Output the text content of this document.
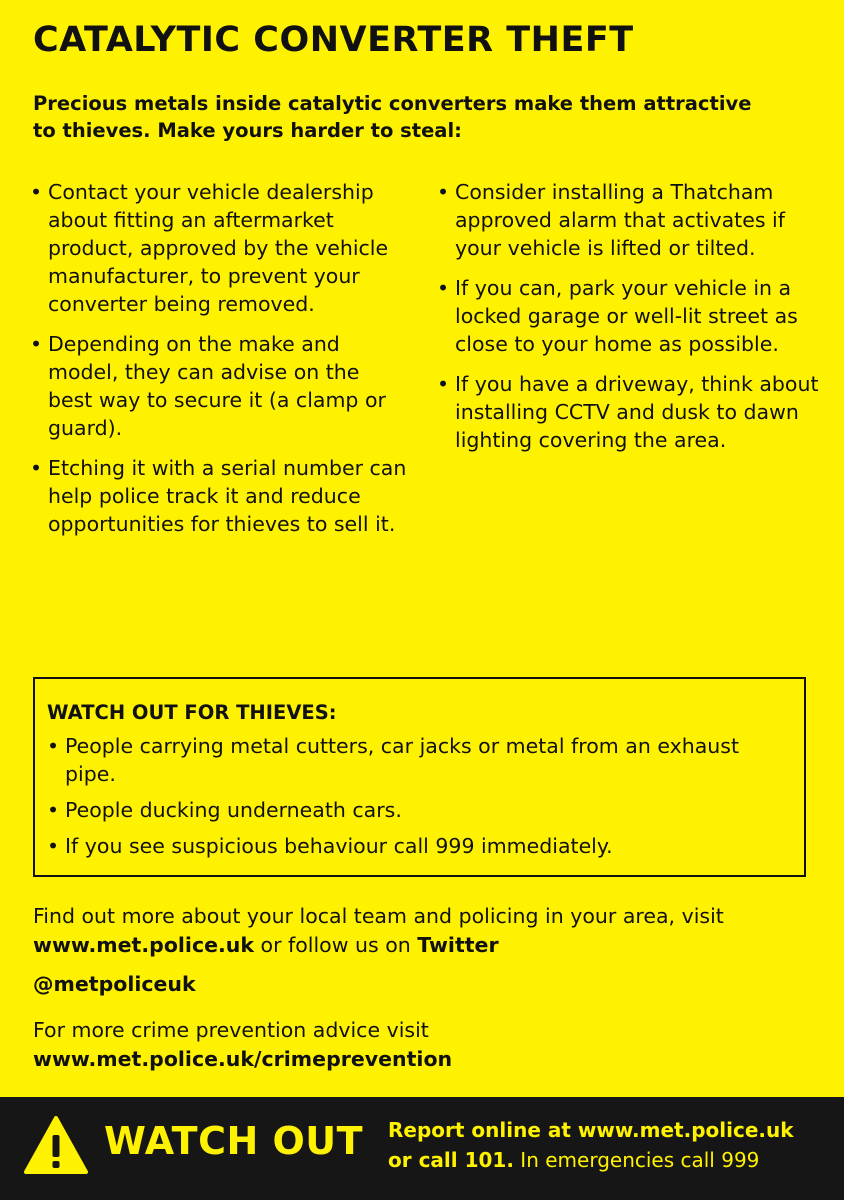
CATALYTIC CONVERTER THEFT

Precious metals inside catalytic converters make them attractive to thieves. Make yours harder to steal:

• Contact your vehicle dealership about fitting an aftermarket product, approved by the vehicle manufacturer, to prevent your converter being removed.
• Depending on the make and model, they can advise on the best way to secure it (a clamp or guard).
• Etching it with a serial number can help police track it and reduce opportunities for thieves to sell it.
• Consider installing a Thatcham approved alarm that activates if your vehicle is lifted or tilted.
• If you can, park your vehicle in a locked garage or well-lit street as close to your home as possible.
• If you have a driveway, think about installing CCTV and dusk to dawn lighting covering the area.
WATCH OUT FOR THIEVES:
• People carrying metal cutters, car jacks or metal from an exhaust pipe.
• People ducking underneath cars.
• If you see suspicious behaviour call 999 immediately.

Find out more about your local team and policing in your area, visit www.met.police.uk or follow us on Twitter

@metpoliceuk

For more crime prevention advice visit
www.met.police.uk/crimeprevention

WATCH OUT Report online at www.met.police.uk
or call 101. In emergencies call 999
